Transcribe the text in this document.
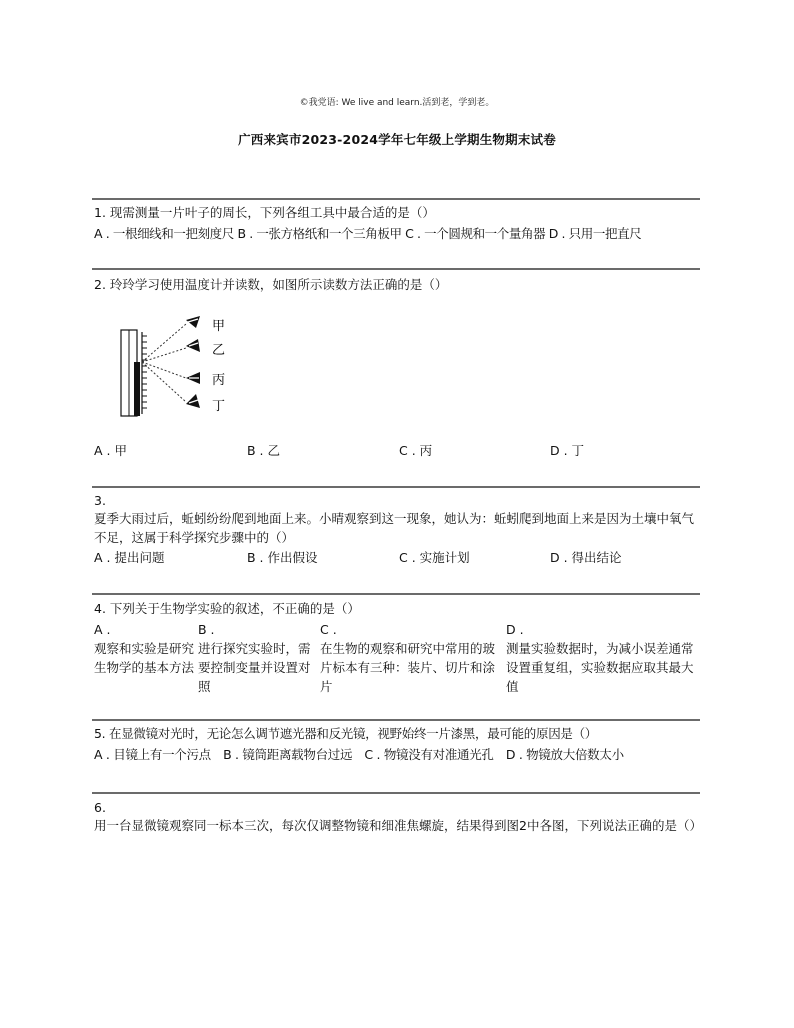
©我党语: We live and learn.活到老，学到老。
广西来宾市2023-2024学年七年级上学期生物期末试卷
1. 现需测量一片叶子的周长，下列各组工具中最合适的是（）
A . 一根细线和一把刻度尺 B . 一张方格纸和一个三角板甲 C . 一个圆规和一个量角器 D . 只用一把直尺
2. 玲玲学习使用温度计并读数，如图所示读数方法正确的是（）
甲
乙
丙
丁
A . 甲	B . 乙	C . 丙	D . 丁
3.
夏季大雨过后，蚯蚓纷纷爬到地面上来。小晴观察到这一现象，她认为：蚯蚓爬到地面上来是因为土壤中氧气不足，这属于科学探究步骤中的（）
A . 提出问题	B . 作出假设	C . 实施计划	D . 得出结论
4. 下列关于生物学实验的叙述，不正确的是（）
A .
观察和实验是研究生物学的基本方法
B .
进行探究实验时，需要控制变量并设置对照
C .
在生物的观察和研究中常用的玻片标本有三种：装片、切片和涂片
D .
测量实验数据时，为减小误差通常设置重复组，实验数据应取其最大值
5. 在显微镜对光时，无论怎么调节遮光器和反光镜，视野始终一片漆黑，最可能的原因是（）
A . 目镜上有一个污点　B . 镜筒距离载物台过远　C . 物镜没有对准通光孔　D . 物镜放大倍数太小
6.
用一台显微镜观察同一标本三次，每次仅调整物镜和细准焦螺旋，结果得到图2中各图，下列说法正确的是（）
